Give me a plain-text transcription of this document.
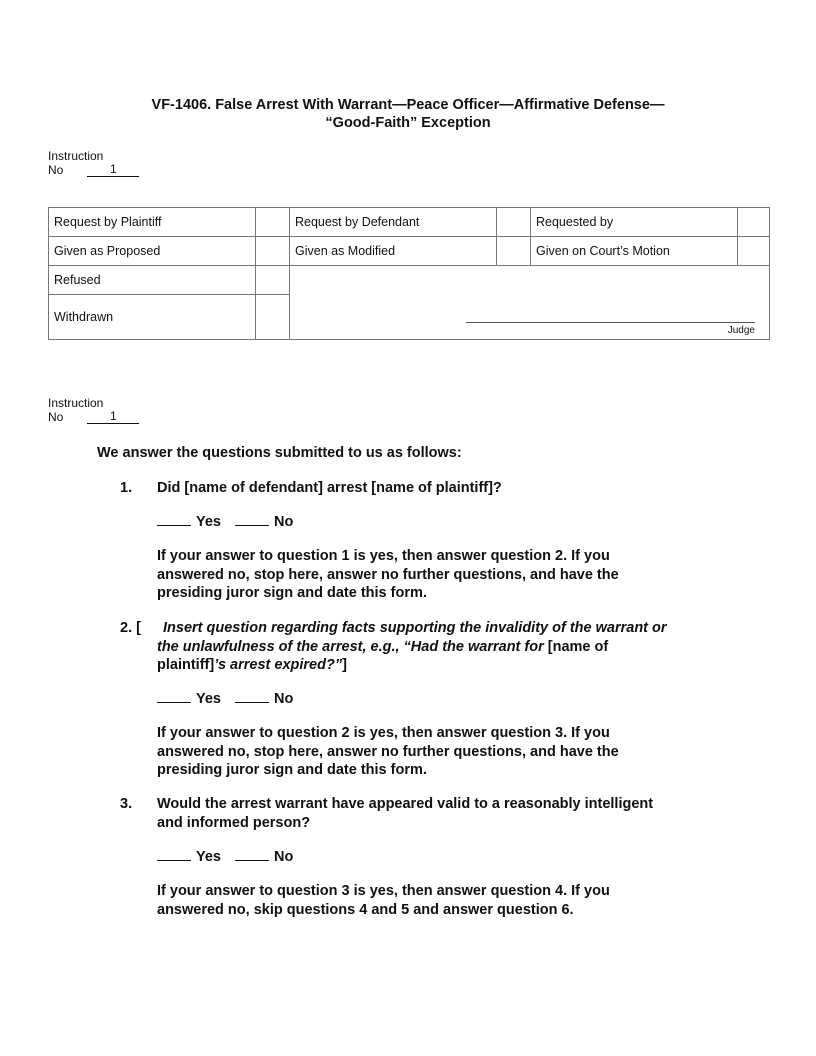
VF-1406. False Arrest With Warrant—Peace Officer—Affirmative Defense—
“Good-Faith” Exception
Instruction
No	1
Request by Plaintiff		Request by Defendant		Requested by	
Given as Proposed		Given as Modified		Given on Court’s Motion	
Refused		Judge			

Withdrawn					
Instruction
No	1
We answer the questions submitted to us as follows:
1. Did [name of defendant] arrest [name of plaintiff]?
Yes	No
If your answer to question 1 is yes, then answer question 2. If you
answered no, stop here, answer no further questions, and have the
presiding juror sign and date this form.
2. [	Insert question regarding facts supporting the invalidity of the warrant or
the unlawfulness of the arrest, e.g., “Had the warrant for [name of
plaintiff]’s arrest expired?”]
Yes	No
If your answer to question 2 is yes, then answer question 3. If you
answered no, stop here, answer no further questions, and have the
presiding juror sign and date this form.
3. Would the arrest warrant have appeared valid to a reasonably intelligent
and informed person?
Yes	No
If your answer to question 3 is yes, then answer question 4. If you
answered no, skip questions 4 and 5 and answer question 6.
